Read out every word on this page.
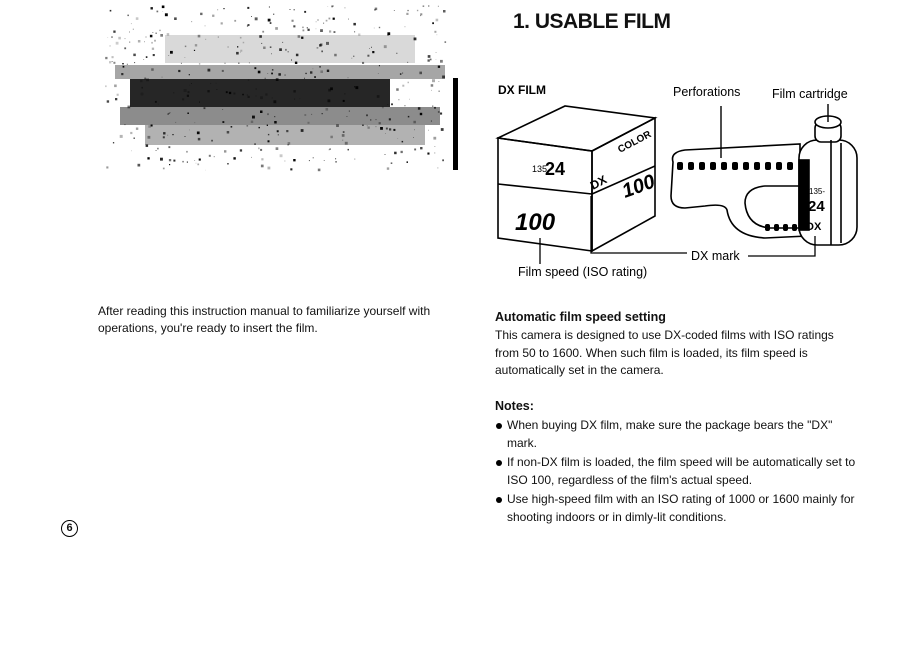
1. USABLE FILM

After reading this instruction manual to familiarize yourself with operations, you're ready to insert the film.

6
DX FILM	Perforations	Film cartridge
DX mark
Film speed (ISO rating)
135
24
COLOR
DX 100
100
135-
24
DX
Automatic film speed setting

This camera is designed to use DX-coded films with ISO ratings from 50 to 1600. When such film is loaded, its film speed is automatically set in the camera.

Notes:
When buying DX film, make sure the package bears the "DX" mark.
If non-DX film is loaded, the film speed will be automatically set to ISO 100, regardless of the film's actual speed.
Use high-speed film with an ISO rating of 1000 or 1600 mainly for shooting indoors or in dimly-lit conditions.
